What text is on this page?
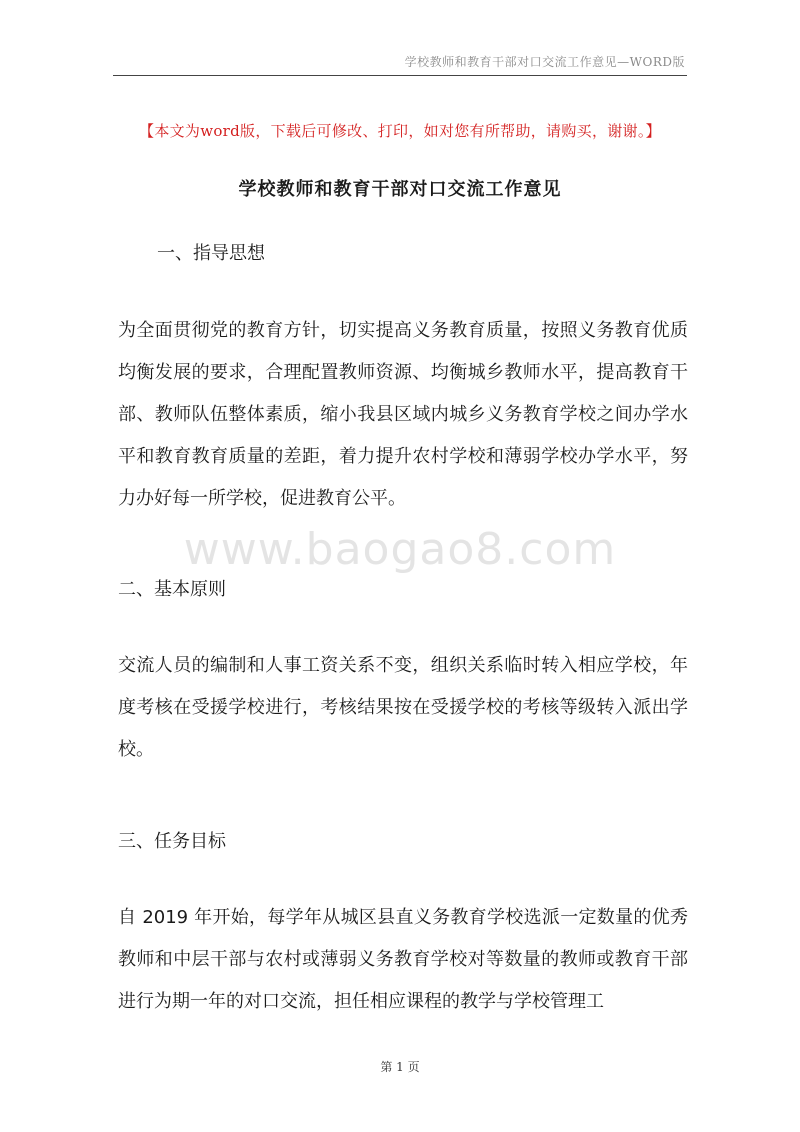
学校教师和教育干部对口交流工作意见—WORD版
【本文为word版，下载后可修改、打印，如对您有所帮助，请购买，谢谢。】
学校教师和教育干部对口交流工作意见
一、指导思想

为全面贯彻党的教育方针，切实提高义务教育质量，按照义务教育优质均衡发展的要求，合理配置教师资源、均衡城乡教师水平，提高教育干部、教师队伍整体素质，缩小我县区域内城乡义务教育学校之间办学水平和教育教育质量的差距，着力提升农村学校和薄弱学校办学水平，努力办好每一所学校，促进教育公平。

www.baogao8.com
二、基本原则

交流人员的编制和人事工资关系不变，组织关系临时转入相应学校，年度考核在受援学校进行，考核结果按在受援学校的考核等级转入派出学校。

三、任务目标

自 2019 年开始，每学年从城区县直义务教育学校选派一定数量的优秀教师和中层干部与农村或薄弱义务教育学校对等数量的教师或教育干部进行为期一年的对口交流，担任相应课程的教学与学校管理工

第 1 页
